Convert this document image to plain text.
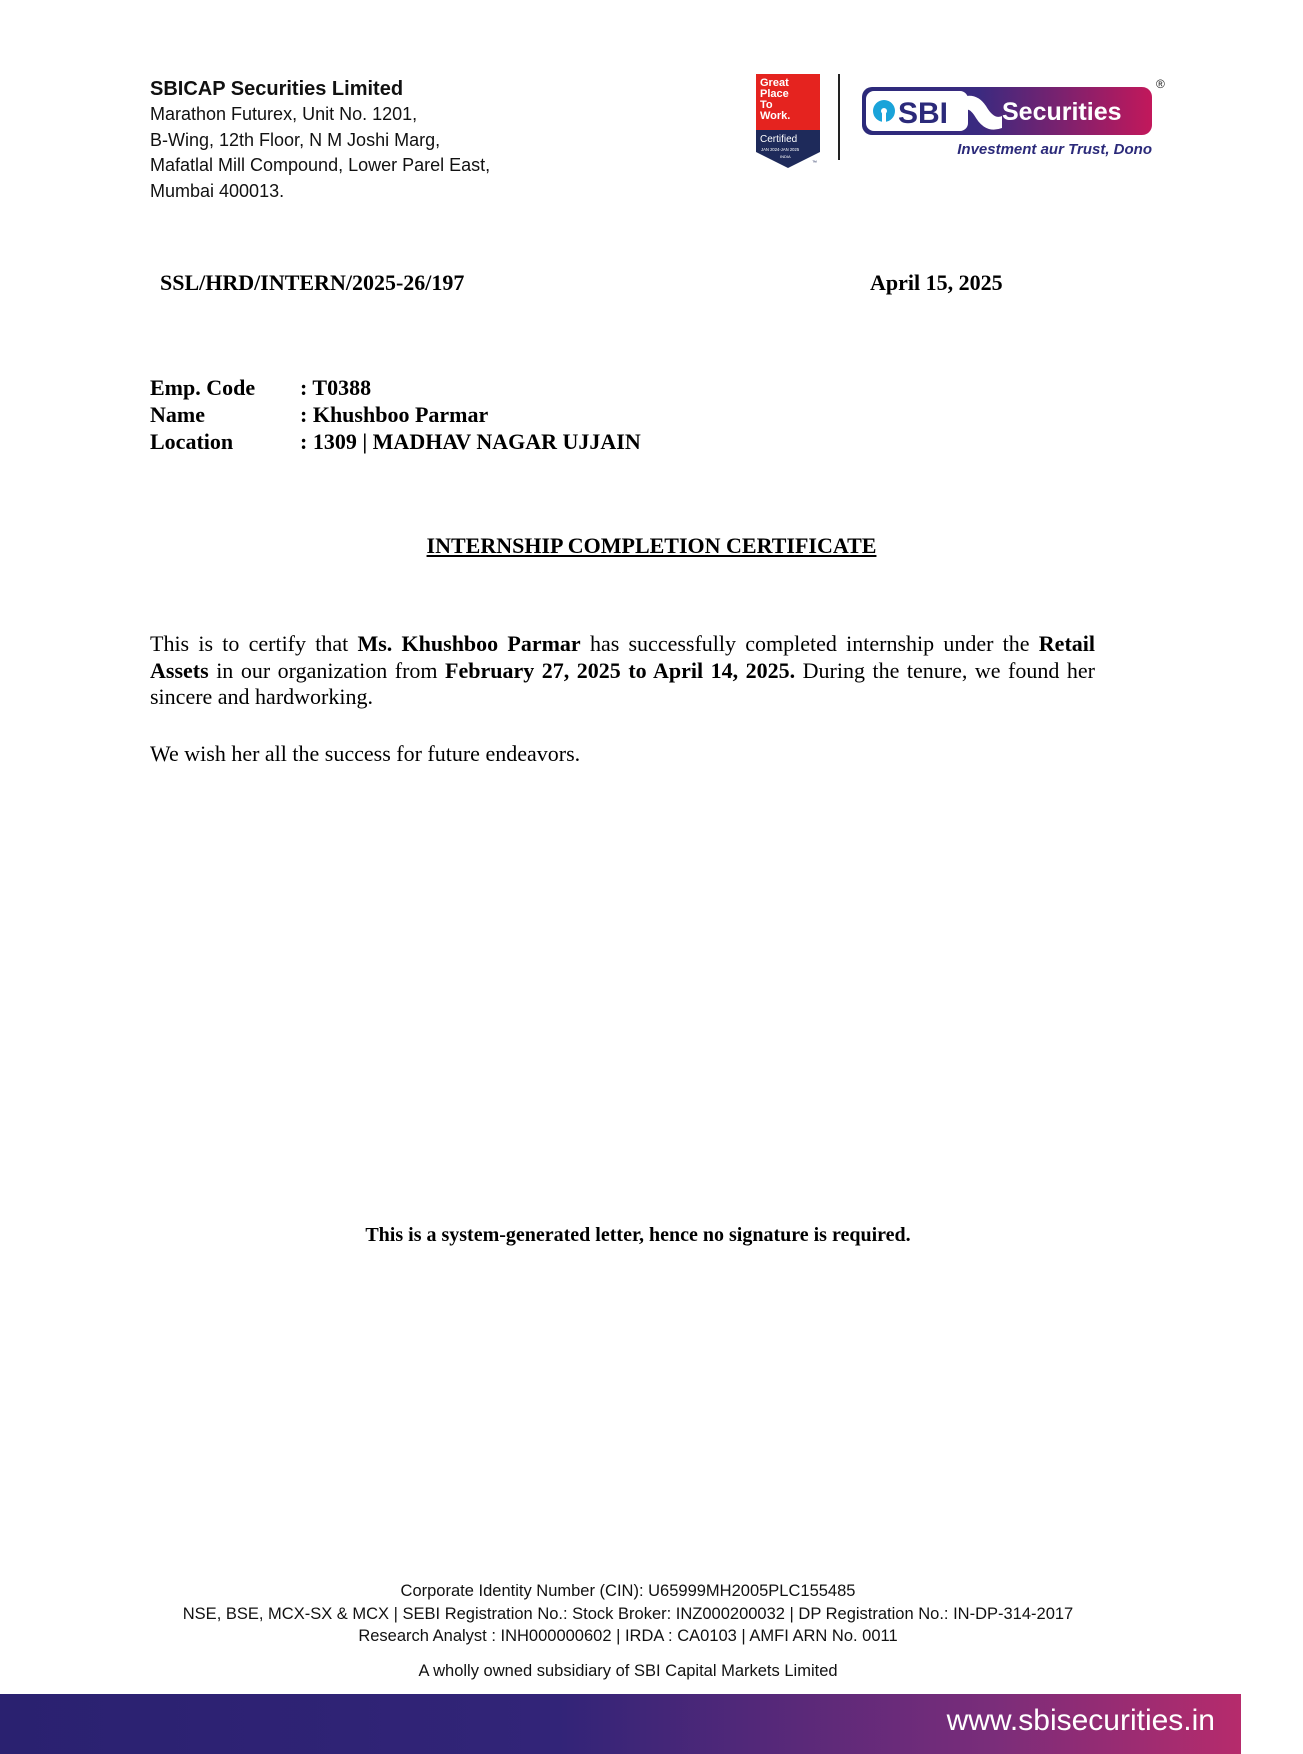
SBICAP Securities Limited
Marathon Futurex, Unit No. 1201,
B-Wing, 12th Floor, N M Joshi Marg,
Mafatlal Mill Compound, Lower Parel East,
Mumbai 400013.
Great
Place
To
Work.
Certified
JAN 2024-JAN 2025
INDIA
™
SBI Securities
®
Investment aur Trust, Dono
SSL/HRD/INTERN/2025-26/197	April 15, 2025
Emp. Code	: T0388
Name	: Khushboo Parmar
Location	: 1309 | MADHAV NAGAR UJJAIN
INTERNSHIP COMPLETION CERTIFICATE
This is to certify that Ms. Khushboo Parmar has successfully completed internship under the Retail Assets in our organization from February 27, 2025 to April 14, 2025. During the tenure, we found her sincere and hardworking.
We wish her all the success for future endeavors.
This is a system-generated letter, hence no signature is required.
Corporate Identity Number (CIN): U65999MH2005PLC155485
NSE, BSE, MCX-SX & MCX | SEBI Registration No.: Stock Broker: INZ000200032 | DP Registration No.: IN-DP-314-2017
Research Analyst : INH000000602 | IRDA : CA0103 | AMFI ARN No. 0011
A wholly owned subsidiary of SBI Capital Markets Limited
www.sbisecurities.in
